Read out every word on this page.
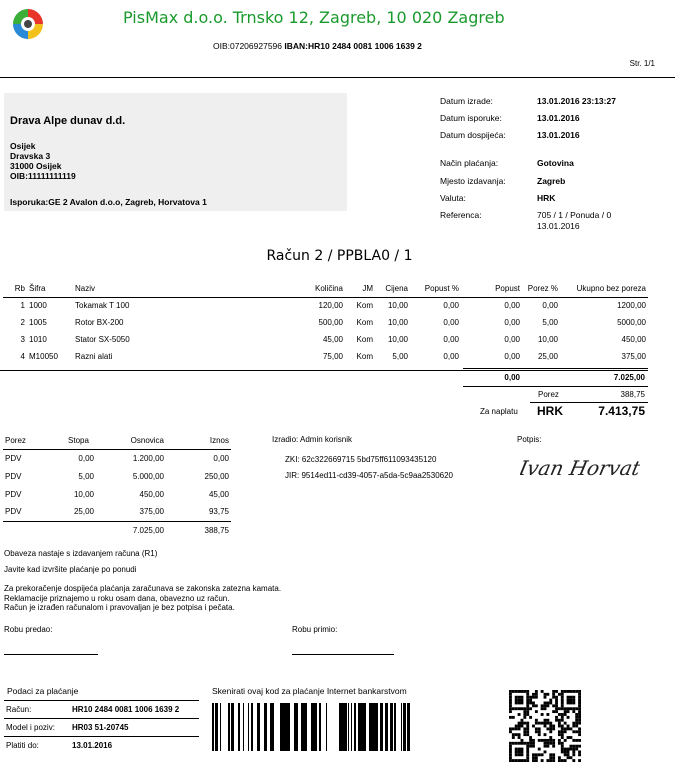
PisMax d.o.o. Trnsko 12, Zagreb, 10 020 Zagreb
OIB:07206927596 IBAN:HR10 2484 0081 1006 1639 2
Str. 1/1
Drava Alpe dunav d.d.
Osijek
Dravska 3
31000 Osijek
OIB:11111111119
Isporuka:GE 2 Avalon d.o.o, Zagreb, Horvatova 1
Datum izrade:	13.01.2016 23:13:27
Datum isporuke:	13.01.2016
Datum dospijeća:	13.01.2016
Način plaćanja:	Gotovina
Mjesto izdavanja:	Zagreb
Valuta:	HRK
Referenca:	705 / 1 / Ponuda / 0
13.01.2016
Račun 2 / PPBLA0 / 1
Rb	Šifra	Naziv	Količina	JM	Cijena	Popust %	Popust	Porez %	Ukupno bez poreza
1	1000	Tokamak T 100	120,00	Kom	10,00	0,00	0,00	0,00	1200,00
2	1005	Rotor BX-200	500,00	Kom	10,00	0,00	0,00	5,00	5000,00
3	1010	Stator SX-5050	45,00	Kom	10,00	0,00	0,00	10,00	450,00
4	M10050	Razni alati	75,00	Kom	5,00	0,00	0,00	25,00	375,00
0,00	7.025,00
Porez	388,75
Za naplatu HRK	7.413,75
Porez	Stopa	Osnovica	Iznos
PDV	0,00	1.200,00	0,00
PDV	5,00	5.000,00	250,00
PDV	10,00	450,00	45,00
PDV	25,00	375,00	93,75
		7.025,00	388,75
Izradio: Admin korisnik
ZKI: 62c322669715 5bd75ff611093435120
JIR: 9514ed11-cd39-4057-a5da-5c9aa2530620
Potpis:
Ivan Horvat
Obaveza nastaje s izdavanjem računa (R1)
Javite kad izvršite plaćanje po ponudi
Za prekoračenje dospijeća plaćanja zaračunava se zakonska zatezna kamata.
Reklamacije priznajemo u roku osam dana, obavezno uz račun.
Račun je izrađen računalom i pravovaljan je bez potpisa i pečata.
Robu predao:	Robu primio:
Podaci za plaćanje
Račun:	HR10 2484 0081 1006 1639 2
Model i poziv:	HR03 51-20745
Platiti do:	13.01.2016
Skenirati ovaj kod za plaćanje Internet bankarstvom
